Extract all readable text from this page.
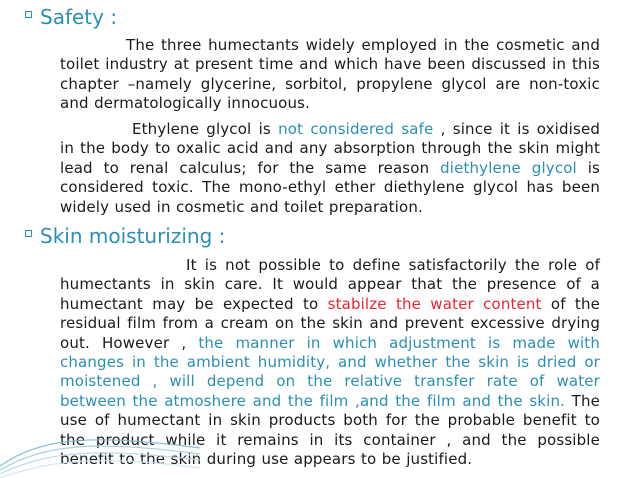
Safety :

The three humectants widely employed in the cosmetic and toilet industry at present time and which have been discussed in this chapter –namely glycerine, sorbitol, propylene glycol are non-toxic and dermatologically innocuous.

Ethylene glycol is not considered safe , since it is oxidised in the body to oxalic acid and any absorption through the skin might lead to renal calculus; for the same reason diethylene glycol is considered toxic. The mono-ethyl ether diethylene glycol has been widely used in cosmetic and toilet preparation.

Skin moisturizing :

It is not possible to define satisfactorily the role of humectants in skin care. It would appear that the presence of a humectant may be expected to stabilze the water content of the residual film from a cream on the skin and prevent excessive drying out. However , the manner in which adjustment is made with changes in the ambient humidity, and whether the skin is dried or moistened , will depend on the relative transfer rate of water between the atmoshere and the film ,and the film and the skin. The use of humectant in skin products both for the probable benefit to the product while it remains in its container , and the possible benefit to the skin during use appears to be justified.
